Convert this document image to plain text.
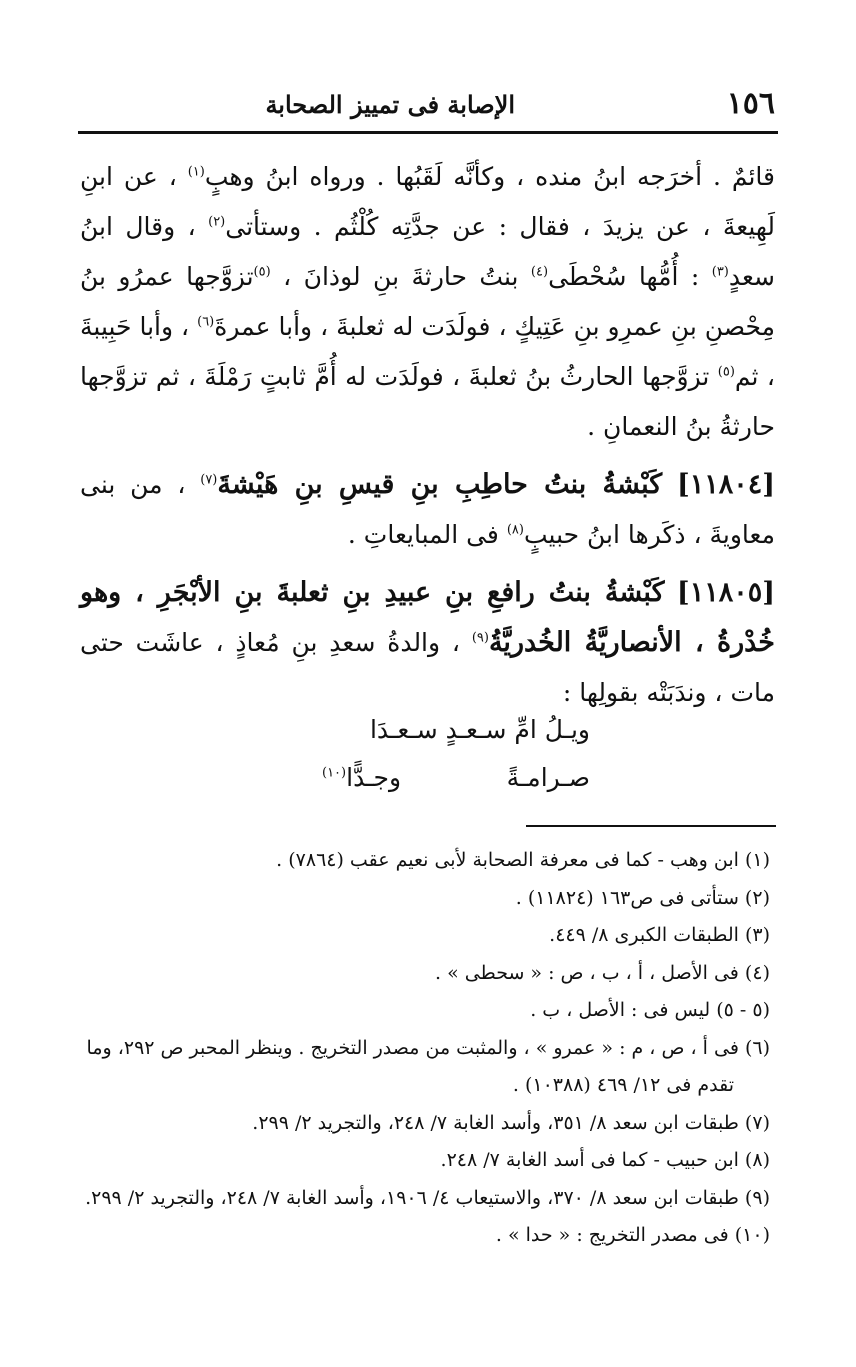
١٥٦
الإصابة فى تمييز الصحابة

قائمٌ . أخرَجه ابنُ منده ، وكأنَّه لَقَبُها . ورواه ابنُ وهبٍ$^{(١)}$ ، عن ابنِ لَهِيعةَ ، عن يزيدَ ، فقال : عن جدَّتِه كُلْثُم . وستأتى$^{(٢)}$ ، وقال ابنُ سعدٍ$^{(٣)}$ : أُمُّها سُحْطَى$^{(٤)}$ بنتُ حارثةَ بنِ لوذانَ ، $^{(٥)}$تزوَّجها عمرُو بنُ مِحْصنِ بنِ عمرِو بنِ عَتِيكٍ ، فولَدَت له ثعلبةَ ، وأبا عمرةَ$^{(٦)}$ ، وأبا حَبِيبةَ ، ثم$^{(٥)}$ تزوَّجها الحارثُ بنُ ثعلبةَ ، فولَدَت له أُمَّ ثابتٍ رَمْلَةَ ، ثم تزوَّجها حارثةُ بنُ النعمانِ .

[١١٨٠٤] كَبْشةُ بنتُ حاطِبِ بنِ قيسِ بنِ هَيْشةَ$^{(٧)}$ ، من بنى معاويةَ ، ذكَرها ابنُ حبيبٍ$^{(٨)}$ فى المبايعاتِ .

[١١٨٠٥] كَبْشةُ بنتُ رافعِ بنِ عبيدِ بنِ ثعلبةَ بنِ الأبْجَرِ ، وهو خُدْرةُ ، الأنصاريَّةُ الخُدريَّةُ$^{(٩)}$ ، والدةُ سعدِ بنِ مُعاذٍ ، عاشَت حتى مات ، وندَبَتْه بقولِها :

ويـلُ امِّ سـعـدٍ سـعـدَا
صـرامـةً
وجـدًّا$^{(١٠)}$

(١) ابن وهب - كما فى معرفة الصحابة لأبى نعيم عقب (٧٨٦٤) .

(٢) ستأتى فى ص١٦٣ (١١٨٢٤) .

(٣) الطبقات الكبرى ٨/ ٤٤٩.

(٤) فى الأصل ، أ ، ب ، ص : « سحطى » .

(٥ - ٥) ليس فى : الأصل ، ب .

(٦) فى أ ، ص ، م : « عمرو » ، والمثبت من مصدر التخريج . وينظر المحبر ص ٢٩٢، وما

تقدم فى ١٢/ ٤٦٩ (١٠٣٨٨) .

(٧) طبقات ابن سعد ٨/ ٣٥١، وأسد الغابة ٧/ ٢٤٨، والتجريد ٢/ ٢٩٩.

(٨) ابن حبيب - كما فى أسد الغابة ٧/ ٢٤٨.

(٩) طبقات ابن سعد ٨/ ٣٧٠، والاستيعاب ٤/ ١٩٠٦، وأسد الغابة ٧/ ٢٤٨، والتجريد ٢/ ٢٩٩.

(١٠) فى مصدر التخريج : « حدا » .
